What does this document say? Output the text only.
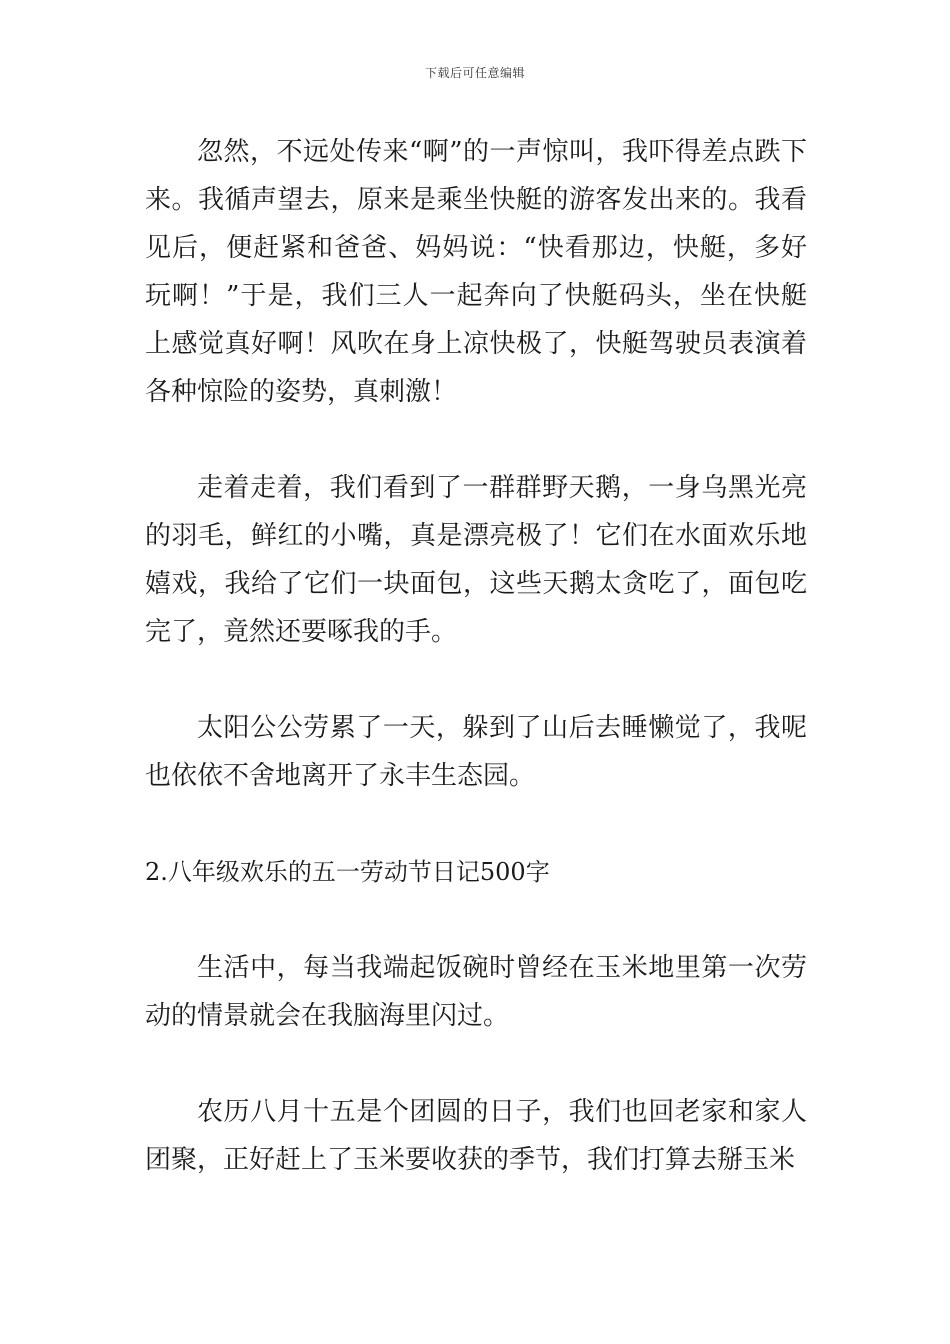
下载后可任意编辑

忽然，不远处传来“啊”的一声惊叫，我吓得差点跌下来。我循声望去，原来是乘坐快艇的游客发出来的。我看见后，便赶紧和爸爸、妈妈说：“快看那边，快艇，多好玩啊！”于是，我们三人一起奔向了快艇码头，坐在快艇上感觉真好啊！风吹在身上凉快极了，快艇驾驶员表演着各种惊险的姿势，真刺激！

走着走着，我们看到了一群群野天鹅，一身乌黑光亮的羽毛，鲜红的小嘴，真是漂亮极了！它们在水面欢乐地嬉戏，我给了它们一块面包，这些天鹅太贪吃了，面包吃完了，竟然还要啄我的手。

太阳公公劳累了一天，躲到了山后去睡懒觉了，我呢也依依不舍地离开了永丰生态园。

2.八年级欢乐的五一劳动节日记500字

生活中，每当我端起饭碗时曾经在玉米地里第一次劳动的情景就会在我脑海里闪过。

农历八月十五是个团圆的日子，我们也回老家和家人团聚，正好赶上了玉米要收获的季节，我们打算去掰玉米
